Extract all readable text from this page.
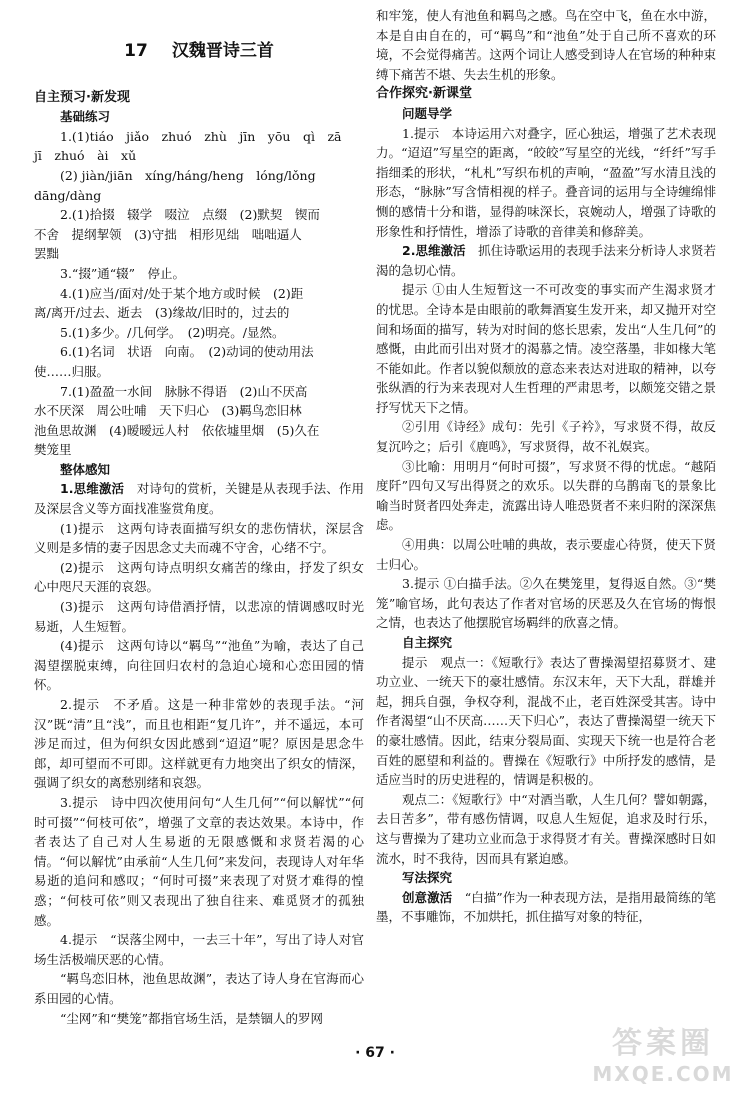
17 汉魏晋诗三首

自主预习·新发现

基础练习

1.(1)tiáo　jiǎo　zhuó　zhù　jīn　yōu　qì　zā

jī　zhuó　ài　xǔ

(2) jiàn/jiān　xíng/háng/heng　lóng/lǒng

dāng/dàng

2.(1)拾掇　辍学　啜泣　点缀　(2)默契　锲而

不舍　提纲挈领　(3)守拙　相形见绌　咄咄逼人

罢黜

3.“掇”通“辍”　停止。

4.(1)应当/面对/处于某个地方或时候　(2)距

离/离开/过去、逝去　(3)缘故/旧时的，过去的

5.(1)多少。/几何学。　(2)明亮。/显然。

6.(1)名词　状语　向南。　(2)动词的使动用法

使……归服。

7.(1)盈盈一水间　脉脉不得语　(2)山不厌高

水不厌深　周公吐哺　天下归心　(3)羁鸟恋旧林

池鱼思故渊　(4)暧暧远人村　依依墟里烟　(5)久在

樊笼里

整体感知

1.思维激活　 对诗句的赏析，关键是从表现手法、作用及深层含义等方面找准鉴赏角度。

(1)提示　这两句诗表面描写织女的悲伤情状，深层含义则是多情的妻子因思念丈夫而魂不守舍，心绪不宁。

(2)提示　这两句诗点明织女痛苦的缘由，抒发了织女心中咫尺天涯的哀怨。

(3)提示　这两句诗借酒抒情，以悲凉的情调感叹时光易逝，人生短暂。

(4)提示　这两句诗以“羁鸟”“池鱼”为喻，表达了自己渴望摆脱束缚，向往回归农村的急迫心境和心恋田园的情怀。

2.提示　不矛盾。这是一种非常妙的表现手法。“河汉”既“清”且“浅”，而且也相距“复几许”，并不遥远，本可涉足而过，但为何织女因此感到“迢迢”呢？原因是思念牛郎，却可望而不可即。这样就更有力地突出了织女的情深，强调了织女的离愁别绪和哀怨。

3.提示　诗中四次使用问句“人生几何”“何以解忧”“何时可掇”“何枝可依”，增强了文章的表达效果。本诗中，作者表达了自己对人生易逝的无限感慨和求贤若渴的心情。“何以解忧”由承前“人生几何”来发问，表现诗人对年华易逝的追问和感叹；“何时可掇”来表现了对贤才难得的惶惑；“何枝可依”则又表现出了独自往来、难觅贤才的孤独感。

4.提示　“误落尘网中，一去三十年”，写出了诗人对官场生活极端厌恶的心情。

“羁鸟恋旧林，池鱼思故渊”，表达了诗人身在官海而心系田园的心情。

“尘网”和“樊笼”都指官场生活，是禁锢人的罗网

和牢笼，使人有池鱼和羁鸟之感。鸟在空中飞，鱼在水中游，本是自由自在的，可“羁鸟”和“池鱼”处于自己所不喜欢的环境，不会觉得痛苦。这两个词让人感受到诗人在官场的种种束缚下痛苦不堪、失去生机的形象。

合作探究·新课堂

问题导学

1.提示　本诗运用六对叠字，匠心独运，增强了艺术表现力。“迢迢”写星空的距离，“皎皎”写星空的光线，“纤纤”写手指细柔的形状，“札札”写织布机的声响，“盈盈”写水清且浅的形态，“脉脉”写含情相视的样子。叠音词的运用与全诗缠绵悱恻的感情十分和谐，显得韵味深长，哀婉动人，增强了诗歌的形象性和抒情性，增添了诗歌的音律美和修辞美。

2.思维激活　 抓住诗歌运用的表现手法来分析诗人求贤若渴的急切心情。

提示 ①由人生短暂这一不可改变的事实而产生渴求贤才的忧思。全诗本是由眼前的歌舞酒宴生发开来，却又抛开对空间和场面的描写，转为对时间的悠长思索，发出“人生几何”的感慨，由此而引出对贤才的渴慕之情。凌空落墨，非如椽大笔不能如此。作者以貌似颓放的意态来表达对进取的精神，以夸张纵酒的行为来表现对人生哲理的严肃思考，以颇笼交错之景抒写忧天下之情。

②引用《诗经》成句：先引《子衿》，写求贤不得，故反复沉吟之；后引《鹿鸣》，写求贤得，故不礼娱宾。

③比喻：用明月“何时可掇”，写求贤不得的忧虑。“越陌度阡”四句又写出得贤之的欢乐。以失群的乌鹊南飞的景象比喻当时贤者四处奔走，流露出诗人唯恐贤者不来归附的深深焦虑。

④用典：以周公吐哺的典故，表示要虚心待贤，使天下贤士归心。

3.提示 ①白描手法。②久在樊笼里，复得返自然。③“樊笼”喻官场，此句表达了作者对官场的厌恶及久在官场的悔恨之情，也表达了他摆脱官场羁绊的欣喜之情。

自主探究

提示　观点一：《短歌行》表达了曹操渴望招募贤才、建功立业、一统天下的豪壮感情。东汉末年，天下大乱，群雄并起，拥兵自强，争权夺利，混战不止，老百姓深受其害。诗中作者渴望“山不厌高……天下归心”，表达了曹操渴望一统天下的豪壮感情。因此，结束分裂局面、实现天下统一也是符合老百姓的愿望和利益的。曹操在《短歌行》中所抒发的感情，是适应当时的历史进程的，情调是积极的。

观点二：《短歌行》中“对酒当歌，人生几何？譬如朝露，去日苦多”，带有感伤情调，叹息人生短促，追求及时行乐，这与曹操为了建功立业而急于求得贤才有关。曹操深感时日如流水，时不我待，因而具有紧迫感。

写法探究

创意激活　 “白描”作为一种表现方法，是指用最简练的笔墨，不事雕饰，不加烘托，抓住描写对象的特征，

· 67 ·	答案圈
MXQE.COM
